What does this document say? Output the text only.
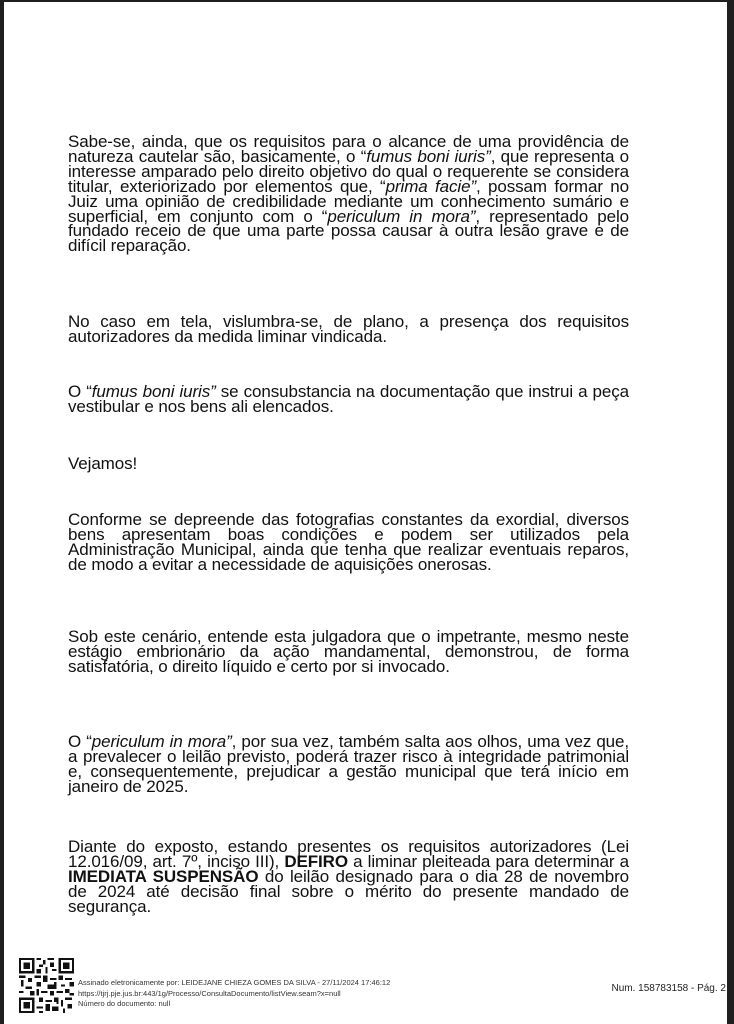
Sabe-se, ainda, que os requisitos para o alcance de uma providência de natureza cautelar são, basicamente, o “fumus boni iuris”, que representa o interesse amparado pelo direito objetivo do qual o requerente se considera titular, exteriorizado por elementos que, “prima facie”, possam formar no Juiz uma opinião de credibilidade mediante um conhecimento sumário e superficial, em conjunto com o “periculum in mora”, representado pelo fundado receio de que uma parte possa causar à outra lesão grave e de difícil reparação.
No caso em tela, vislumbra-se, de plano, a presença dos requisitos autorizadores da medida liminar vindicada.
O “fumus boni iuris” se consubstancia na documentação que instrui a peça vestibular e nos bens ali elencados.
Vejamos!
Conforme se depreende das fotografias constantes da exordial, diversos bens apresentam boas condições e podem ser utilizados pela Administração Municipal, ainda que tenha que realizar eventuais reparos, de modo a evitar a necessidade de aquisições onerosas.
Sob este cenário, entende esta julgadora que o impetrante, mesmo neste estágio embrionário da ação mandamental, demonstrou, de forma satisfatória, o direito líquido e certo por si invocado.
O “periculum in mora”, por sua vez, também salta aos olhos, uma vez que, a prevalecer o leilão previsto, poderá trazer risco à integridade patrimonial e, consequentemente, prejudicar a gestão municipal que terá início em janeiro de 2025.
Diante do exposto, estando presentes os requisitos autorizadores (Lei 12.016/09, art. 7º, inciso III), DEFIRO a liminar pleiteada para determinar a IMEDIATA SUSPENSÃO do leilão designado para o dia 28 de novembro de 2024 até decisão final sobre o mérito do presente mandado de segurança.
Assinado eletronicamente por: LEIDEJANE CHIEZA GOMES DA SILVA - 27/11/2024 17:46:12
https://tjrj.pje.jus.br:443/1g/Processo/ConsultaDocumento/listView.seam?x=null
Número do documento: null
Num. 158783158 - Pág. 2
